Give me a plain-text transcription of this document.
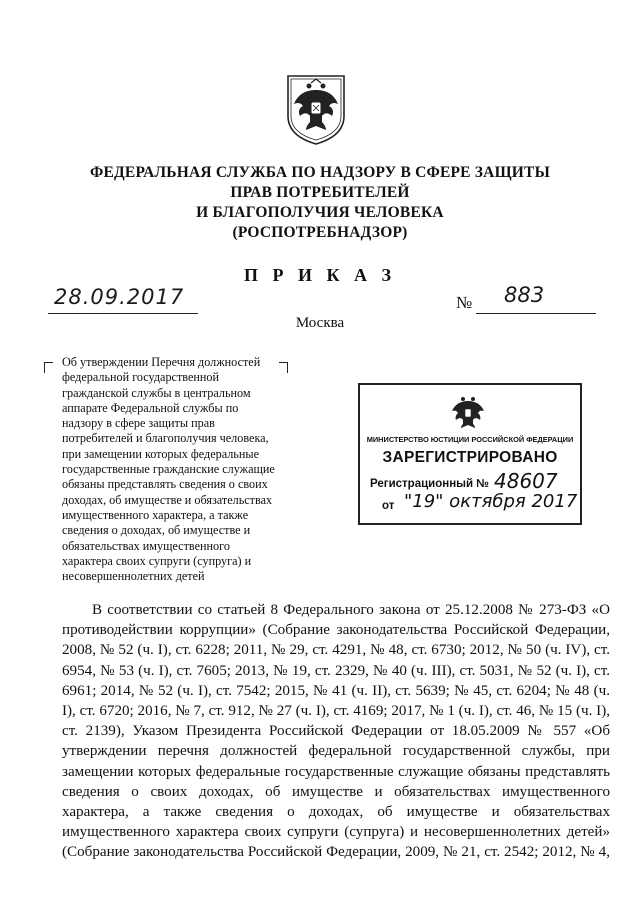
ФЕДЕРАЛЬНАЯ СЛУЖБА ПО НАДЗОРУ В СФЕРЕ ЗАЩИТЫ
ПРАВ ПОТРЕБИТЕЛЕЙ
И БЛАГОПОЛУЧИЯ ЧЕЛОВЕКА
(РОСПОТРЕБНАДЗОР)
П Р И К А З
28.09.2017	№ 883
Москва
Об утверждении Перечня должностей
федеральной государственной
гражданской службы в центральном
аппарате Федеральной службы по
надзору в сфере защиты прав
потребителей и благополучия человека,
при замещении которых федеральные
государственные гражданские служащие
обязаны представлять сведения о своих
доходах, об имуществе и обязательствах
имущественного характера, а также
сведения о доходах, об имуществе и
обязательствах имущественного
характера своих супруги (супруга) и
несовершеннолетних детей
МИНИСТЕРСТВО ЮСТИЦИИ РОССИЙСКОЙ ФЕДЕРАЦИИ
ЗАРЕГИСТРИРОВАНО
Регистрационный № 48607
от "19" октября 2017
В соответствии со статьей 8 Федерального закона от 25.12.2008 № 273-ФЗ «О
противодействии коррупции» (Собрание законодательства Российской Федерации,
2008, № 52 (ч. I), ст. 6228; 2011, № 29, ст. 4291, № 48, ст. 6730; 2012, № 50 (ч. IV), ст.
6954, № 53 (ч. I), ст. 7605; 2013, № 19, ст. 2329, № 40 (ч. III), ст. 5031, № 52 (ч. I), ст.
6961; 2014, № 52 (ч. I), ст. 7542; 2015, № 41 (ч. II), ст. 5639; № 45, ст. 6204; № 48 (ч.
I), ст. 6720; 2016, № 7, ст. 912, № 27 (ч. I), ст. 4169; 2017, № 1 (ч. I), ст. 46, № 15 (ч. I),
ст. 2139), Указом Президента Российской Федерации от 18.05.2009 № 557 «Об
утверждении перечня должностей федеральной государственной службы, при
замещении которых федеральные государственные служащие обязаны представлять
сведения о своих доходах, об имуществе и обязательствах имущественного
характера, а также сведения о доходах, об имуществе и обязательствах
имущественного характера своих супруги (супруга) и несовершеннолетних детей»
(Собрание законодательства Российской Федерации, 2009, № 21, ст. 2542; 2012, № 4,
